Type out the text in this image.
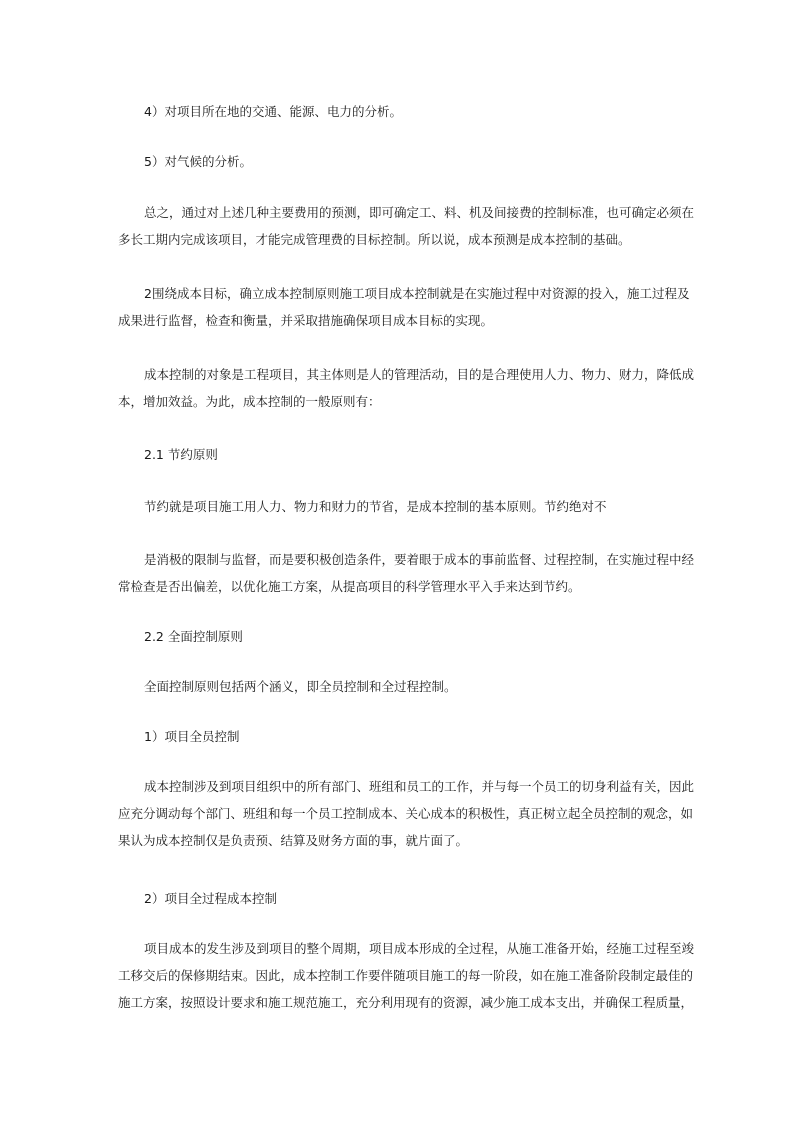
4）对项目所在地的交通、能源、电力的分析。
5）对气候的分析。
总之，通过对上述几种主要费用的预测，即可确定工、料、机及间接费的控制标准，也可确定必须在
多长工期内完成该项目，才能完成管理费的目标控制。所以说，成本预测是成本控制的基础。
2围绕成本目标，确立成本控制原则施工项目成本控制就是在实施过程中对资源的投入，施工过程及
成果进行监督，检查和衡量，并采取措施确保项目成本目标的实现。
成本控制的对象是工程项目，其主体则是人的管理活动，目的是合理使用人力、物力、财力，降低成
本，增加效益。为此，成本控制的一般原则有：
2.1 节约原则
节约就是项目施工用人力、物力和财力的节省，是成本控制的基本原则。节约绝对不
是消极的限制与监督，而是要积极创造条件，要着眼于成本的事前监督、过程控制，在实施过程中经
常检查是否出偏差，以优化施工方案，从提高项目的科学管理水平入手来达到节约。
2.2 全面控制原则
全面控制原则包括两个涵义，即全员控制和全过程控制。
1）项目全员控制
成本控制涉及到项目组织中的所有部门、班组和员工的工作，并与每一个员工的切身利益有关，因此
应充分调动每个部门、班组和每一个员工控制成本、关心成本的积极性，真正树立起全员控制的观念，如
果认为成本控制仅是负责预、结算及财务方面的事，就片面了。
2）项目全过程成本控制
项目成本的发生涉及到项目的整个周期，项目成本形成的全过程，从施工准备开始，经施工过程至竣
工移交后的保修期结束。因此，成本控制工作要伴随项目施工的每一阶段，如在施工准备阶段制定最佳的
施工方案，按照设计要求和施工规范施工，充分利用现有的资源，减少施工成本支出，并确保工程质量，
